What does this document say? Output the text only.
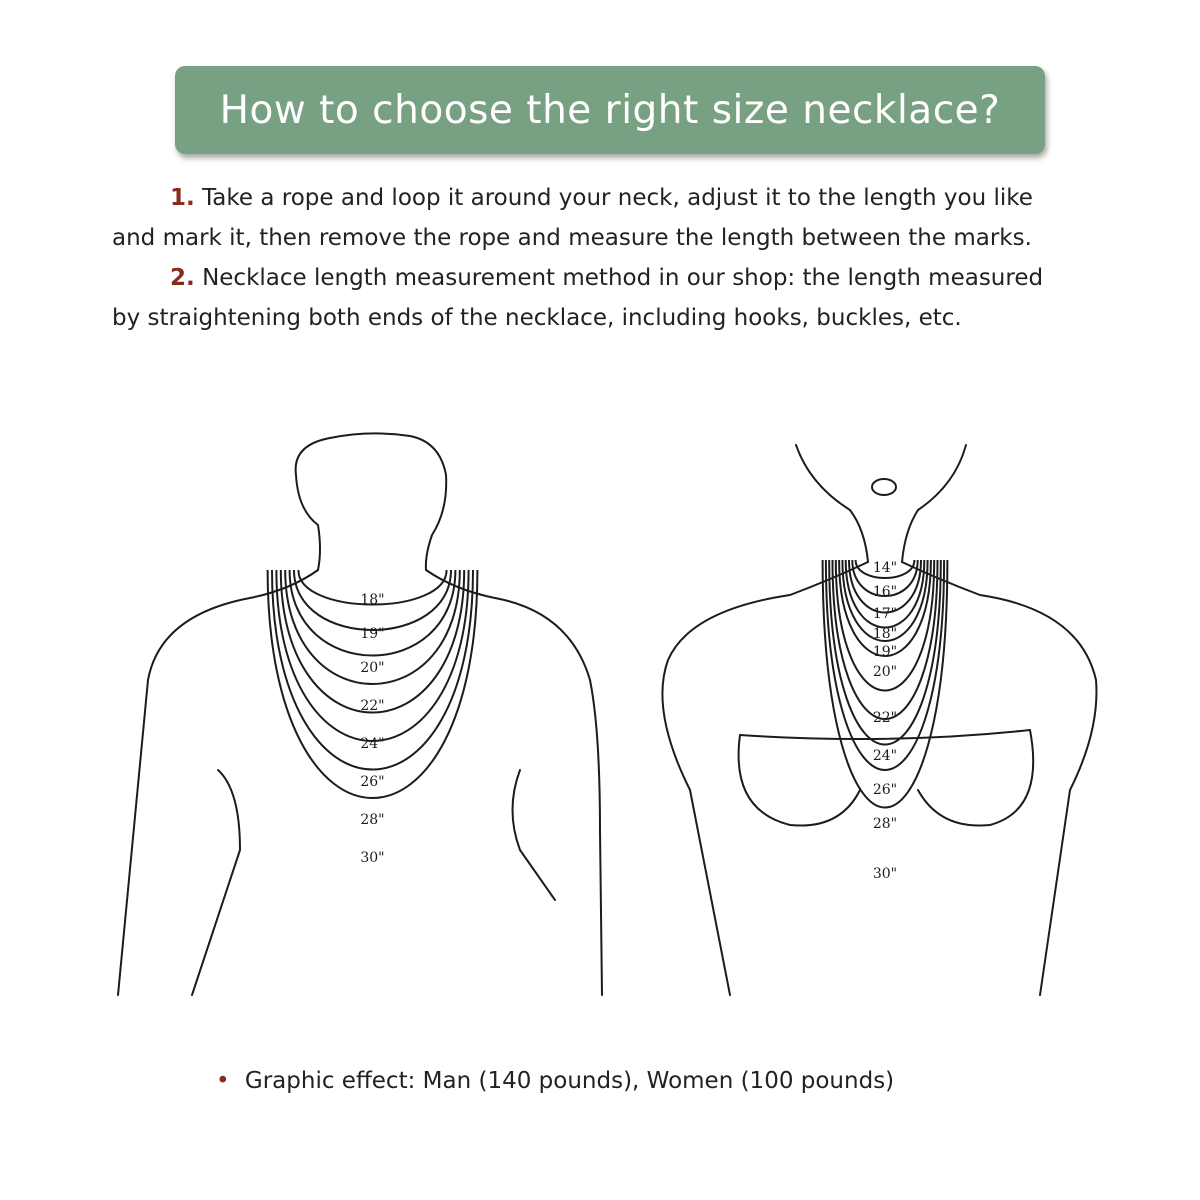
How to choose the right size necklace?

1. Take a rope and loop it around your neck, adjust it to the length you like and mark it, then remove the rope and measure the length between the marks.

2. Necklace length measurement method in our shop: the length measured by straightening both ends of the necklace, including hooks, buckles, etc.

18"
19"
20"
22"
24"
26"
28"
30"
14"
16"
17"
18"
19"
20"
22"
24"
26"
28"
30"
• Graphic effect: Man (140 pounds), Women (100 pounds)
